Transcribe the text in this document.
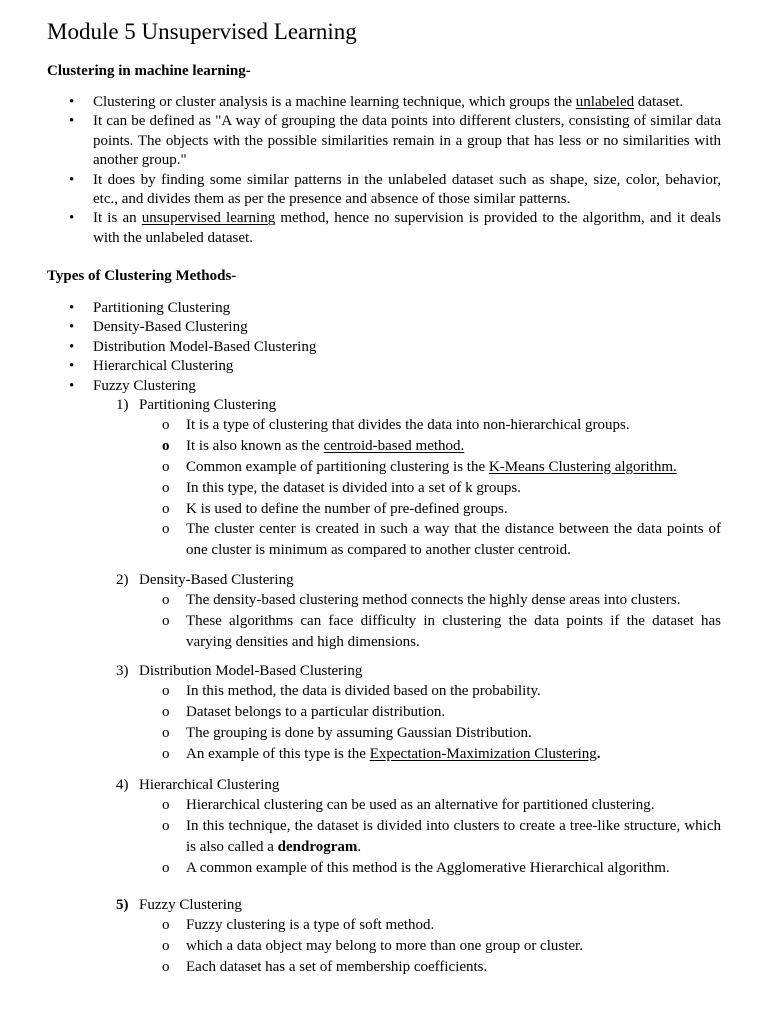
Module 5 Unsupervised Learning
Clustering in machine learning-
• Clustering or cluster analysis is a machine learning technique, which groups the unlabeled dataset.
• It can be defined as "A way of grouping the data points into different clusters, consisting of similar data points. The objects with the possible similarities remain in a group that has less or no similarities with another group."
• It does by finding some similar patterns in the unlabeled dataset such as shape, size, color, behavior, etc., and divides them as per the presence and absence of those similar patterns.
• It is an unsupervised learning method, hence no supervision is provided to the algorithm, and it deals with the unlabeled dataset.
Types of Clustering Methods-
• Partitioning Clustering
• Density-Based Clustering
• Distribution Model-Based Clustering
• Hierarchical Clustering
• Fuzzy Clustering
1) Partitioning Clustering
o It is a type of clustering that divides the data into non-hierarchical groups.
o It is also known as the centroid-based method.
o Common example of partitioning clustering is the K-Means Clustering algorithm.
o In this type, the dataset is divided into a set of k groups.
o K is used to define the number of pre-defined groups.
o The cluster center is created in such a way that the distance between the data points of one cluster is minimum as compared to another cluster centroid.
2) Density-Based Clustering
o The density-based clustering method connects the highly dense areas into clusters.
o These algorithms can face difficulty in clustering the data points if the dataset has varying densities and high dimensions.
3) Distribution Model-Based Clustering
o In this method, the data is divided based on the probability.
o Dataset belongs to a particular distribution.
o The grouping is done by assuming Gaussian Distribution.
o An example of this type is the Expectation-Maximization Clustering.
4) Hierarchical Clustering
o Hierarchical clustering can be used as an alternative for partitioned clustering.
o In this technique, the dataset is divided into clusters to create a tree-like structure, which is also called a dendrogram.
o A common example of this method is the Agglomerative Hierarchical algorithm.
5) Fuzzy Clustering
o Fuzzy clustering is a type of soft method.
o which a data object may belong to more than one group or cluster.
o Each dataset has a set of membership coefficients.
